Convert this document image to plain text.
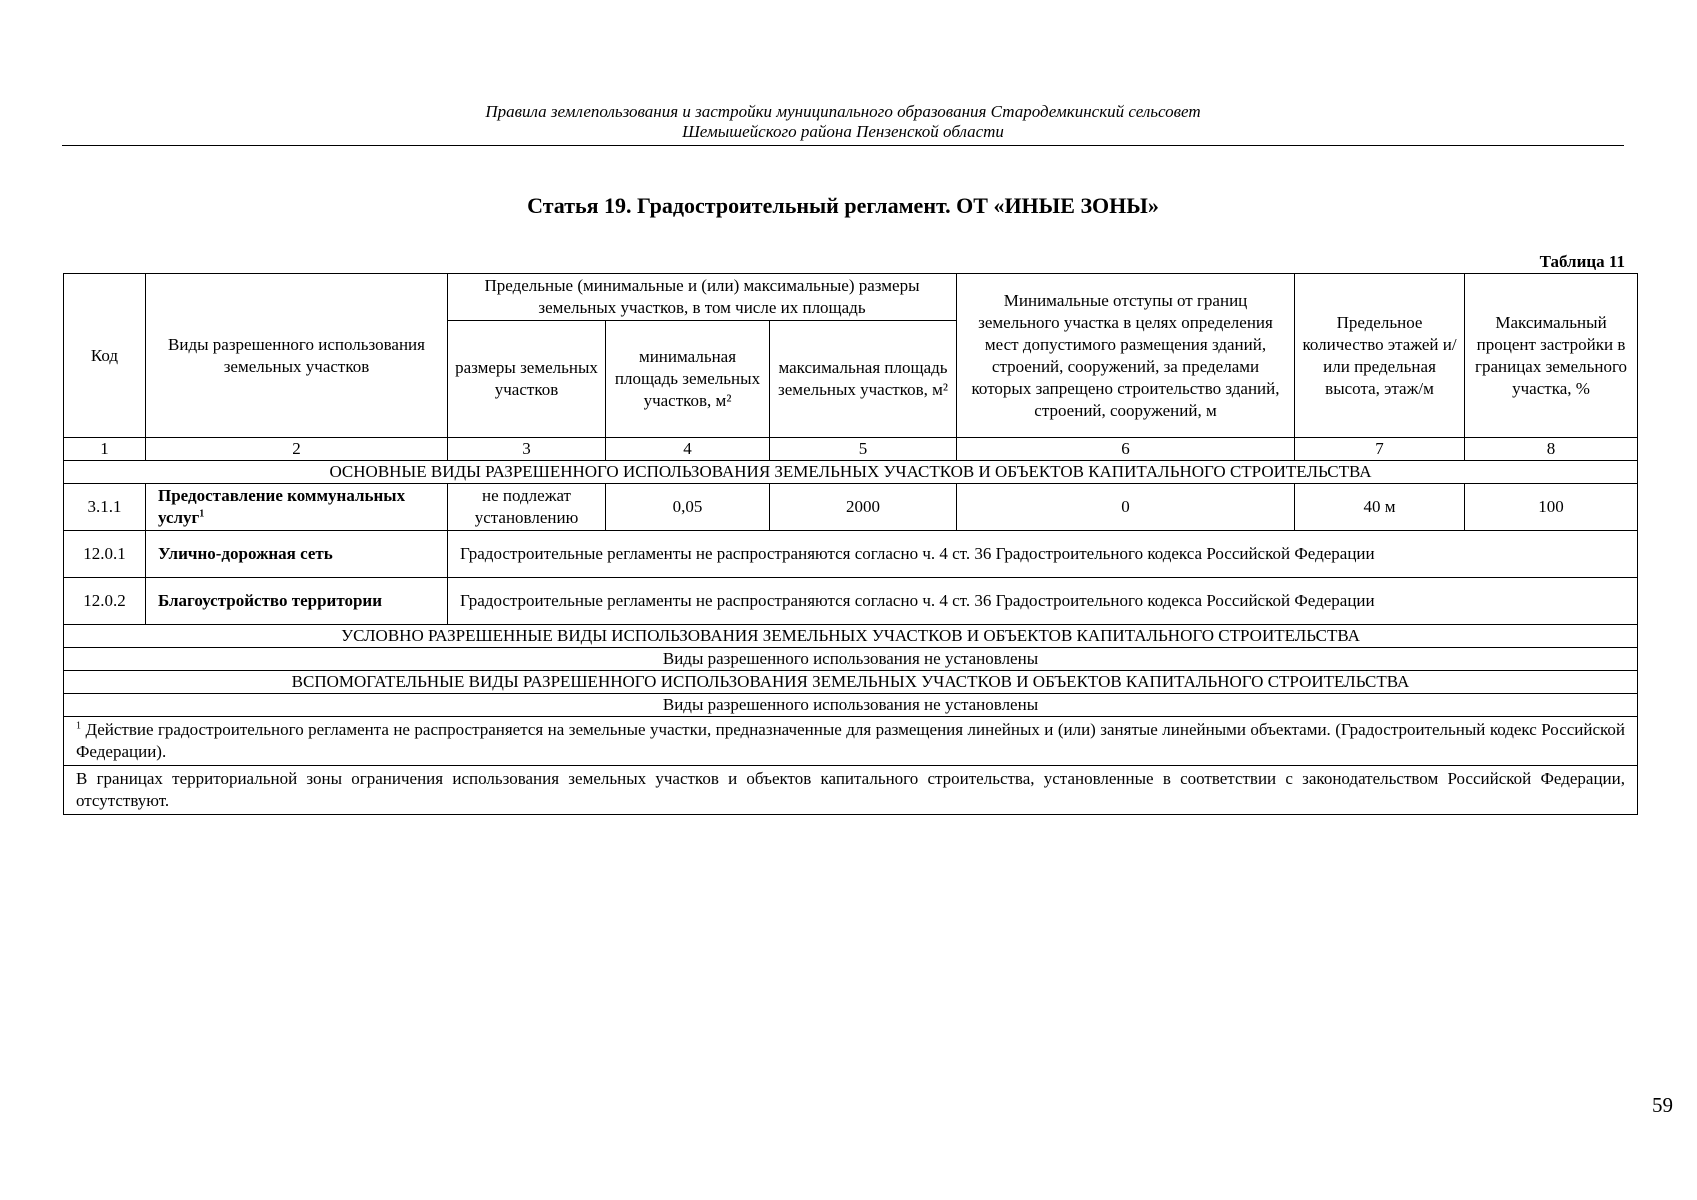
Правила землепользования и застройки муниципального образования Стародемкинский сельсовет
Шемышейского района Пензенской области
Статья 19. Градостроительный регламент. ОТ «ИНЫЕ ЗОНЫ»
Таблица 11
Код	Виды разрешенного использования земельных участков	Предельные (минимальные и (или) максимальные) размеры земельных участков, в том числе их площадь			Минимальные отступы от границ земельного участка в целях определения мест допустимого размещения зданий, строений, сооружений, за пределами которых запрещено строительство зданий, строений, сооружений, м	Предельное количество этажей и/или предельная высота, этаж/м	Максимальный процент застройки в границах земельного участка, %
		размеры земельных участков	минимальная площадь земельных участков, м²	максимальная площадь земельных участков, м²			
1	2	3	4	5	6	7	8
ОСНОВНЫЕ ВИДЫ РАЗРЕШЕННОГО ИСПОЛЬЗОВАНИЯ ЗЕМЕЛЬНЫХ УЧАСТКОВ И ОБЪЕКТОВ КАПИТАЛЬНОГО СТРОИТЕЛЬСТВА							
3.1.1	Предоставление коммунальных услуг$^1$	не подлежат установлению	0,05	2000	0	40 м	100
12.0.1	Улично-дорожная сеть	Градостроительные регламенты не распространяются согласно ч. 4 ст. 36 Градостроительного кодекса Российской Федерации					
12.0.2	Благоустройство территории	Градостроительные регламенты не распространяются согласно ч. 4 ст. 36 Градостроительного кодекса Российской Федерации					
УСЛОВНО РАЗРЕШЕННЫЕ ВИДЫ ИСПОЛЬЗОВАНИЯ ЗЕМЕЛЬНЫХ УЧАСТКОВ И ОБЪЕКТОВ КАПИТАЛЬНОГО СТРОИТЕЛЬСТВА							
Виды разрешенного использования не установлены							
ВСПОМОГАТЕЛЬНЫЕ ВИДЫ РАЗРЕШЕННОГО ИСПОЛЬЗОВАНИЯ ЗЕМЕЛЬНЫХ УЧАСТКОВ И ОБЪЕКТОВ КАПИТАЛЬНОГО СТРОИТЕЛЬСТВА							
Виды разрешенного использования не установлены							
$^1$ Действие градостроительного регламента не распространяется на земельные участки, предназначенные для размещения линейных и (или) занятые линейными объектами. (Градостроительный кодекс Российской Федерации).							
В границах территориальной зоны ограничения использования земельных участков и объектов капитального строительства, установленные в соответствии с законодательством Российской Федерации, отсутствуют.							
59
